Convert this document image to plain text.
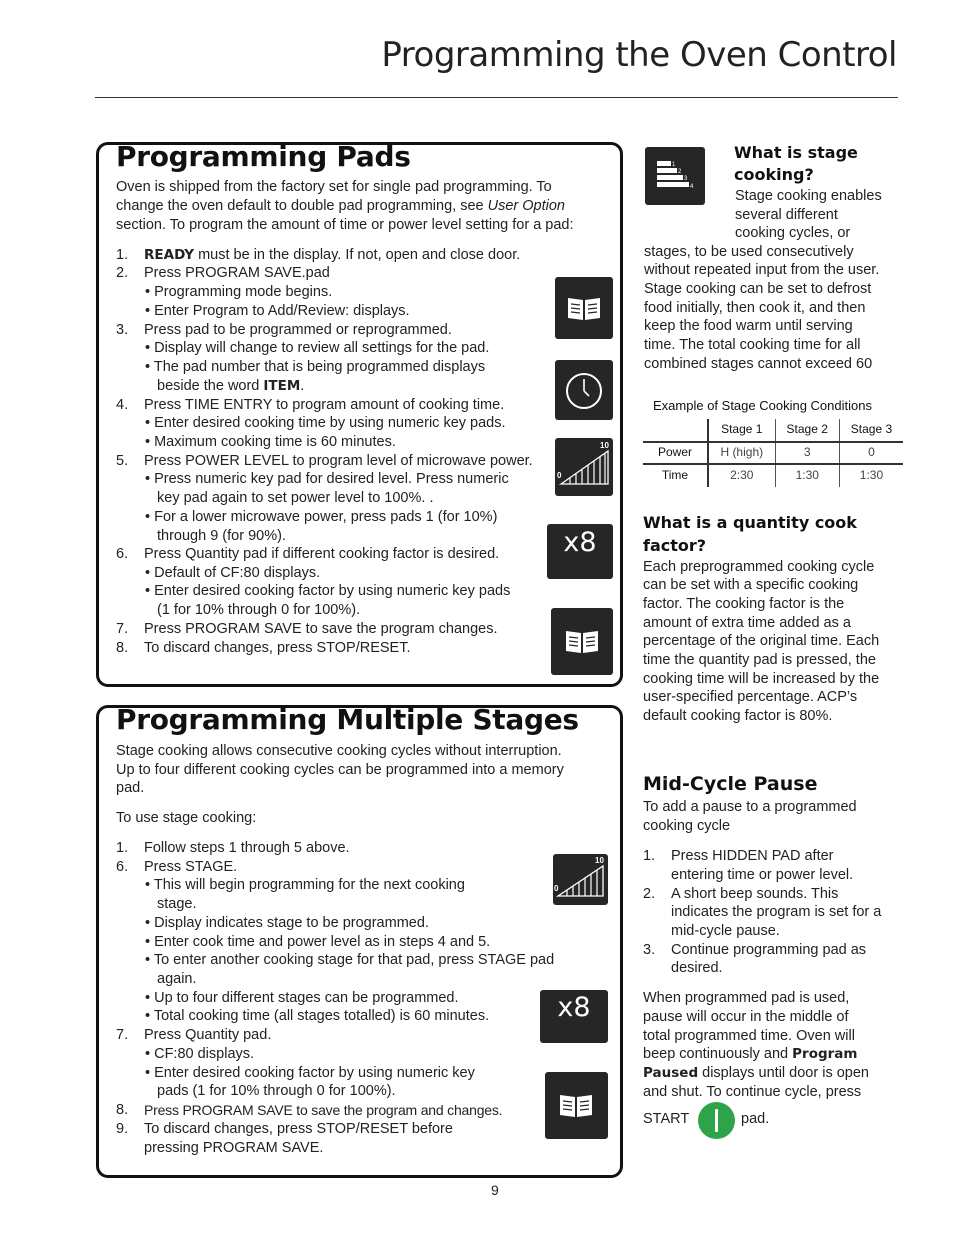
Programming the Oven Control
Programming Pads
Oven is shipped from the factory set for single pad programming. To
change the oven default to double pad programming, see User Option
section. To program the amount of time or power level setting for a pad:
1. READY must be in the display. If not, open and close door.
2. Press PROGRAM SAVE.pad
• Programming mode begins.
• Enter Program to Add/Review: displays.
3. Press pad to be programmed or reprogrammed.
• Display will change to review all settings for the pad.
• The pad number that is being programmed displays
beside the word ITEM.
4. Press TIME ENTRY to program amount of cooking time.
• Enter desired cooking time by using numeric key pads.
• Maximum cooking time is 60 minutes.
5. Press POWER LEVEL to program level of microwave power.
• Press numeric key pad for desired level. Press numeric
key pad again to set power level to 100%. .
• For a lower microwave power, press pads 1 (for 10%)
through 9 (for 90%).
6. Press Quantity pad if different cooking factor is desired.
• Default of CF:80 displays.
• Enter desired cooking factor by using numeric key pads
(1 for 10% through 0 for 100%).
7. Press PROGRAM SAVE to save the program changes.
8. To discard changes, press STOP/RESET.
10
0
x8
Programming Multiple Stages
Stage cooking allows consecutive cooking cycles without interruption.
Up to four different cooking cycles can be programmed into a memory
pad.
To use stage cooking:
1. Follow steps 1 through 5 above.
6. Press STAGE.
• This will begin programming for the next cooking
stage.
• Display indicates stage to be programmed.
• Enter cook time and power level as in steps 4 and 5.
• To enter another cooking stage for that pad, press STAGE pad
again.
• Up to four different stages can be programmed.
• Total cooking time (all stages totalled) is 60 minutes.
7. Press Quantity pad.
• CF:80 displays.
• Enter desired cooking factor by using numeric key
pads (1 for 10% through 0 for 100%).
8. Press PROGRAM SAVE to save the program and changes.
9. To discard changes, press STOP/RESET before
pressing PROGRAM SAVE.
10
0
x8
1
2
3
4
What is stage
cooking?
Stage cooking enables
several different
cooking cycles, or
stages, to be used consecutively
without repeated input from the user.
Stage cooking can be set to defrost
food initially, then cook it, and then
keep the food warm until serving
time. The total cooking time for all
combined stages cannot exceed 60
Example of Stage Cooking Conditions
	Stage 1	Stage 2	Stage 3
Power	H (high)	3	0
Time	2:30	1:30	1:30
What is a quantity cook
factor?
Each preprogrammed cooking cycle
can be set with a specific cooking
factor. The cooking factor is the
amount of extra time added as a
percentage of the original time. Each
time the quantity pad is pressed, the
cooking time will be increased by the
user-specified percentage. ACP’s
default cooking factor is 80%.
Mid-Cycle Pause
To add a pause to a programmed
cooking cycle
1. Press HIDDEN PAD after
entering time or power level.
2. A short beep sounds. This
indicates the program is set for a
mid-cycle pause.
3. Continue programming pad as
desired.
When programmed pad is used,
pause will occur in the middle of
total programmed time. Oven will
beep continuously and Program
Paused displays until door is open
and shut. To continue cycle, press
START	pad.
9
